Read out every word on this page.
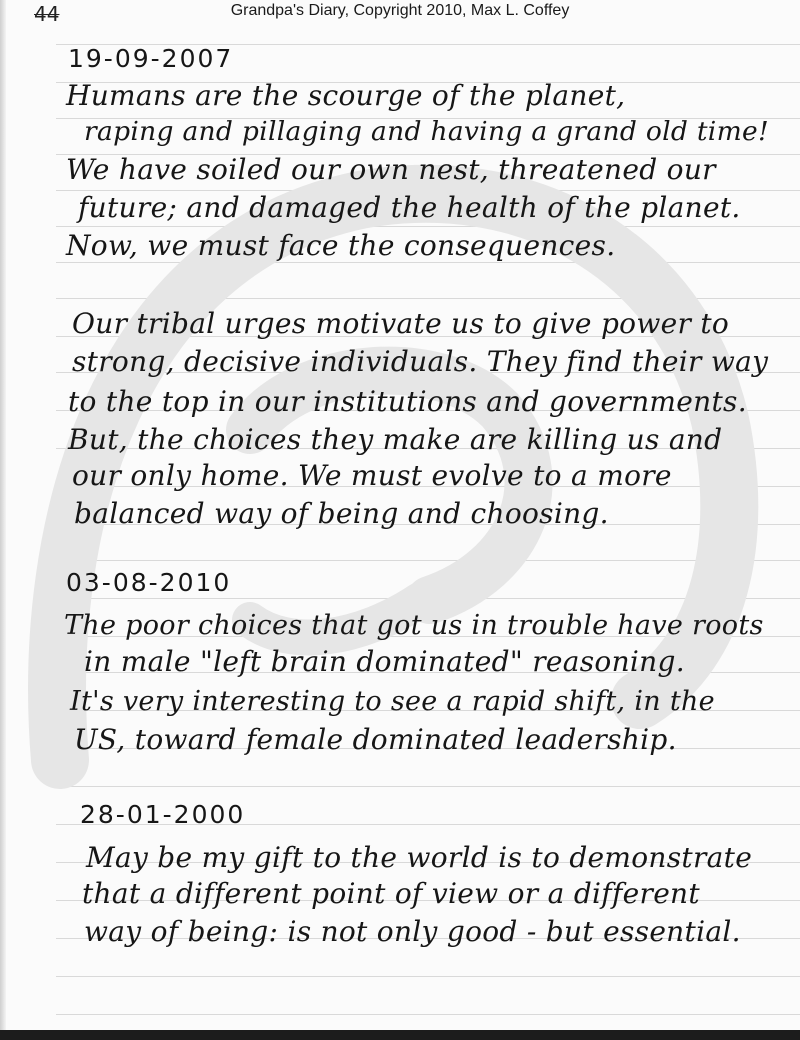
44	Grandpa's Diary, Copyright 2010, Max L. Coffey
19-09-2007
Humans are the scourge of the planet,
raping and pillaging and having a grand old time!
We have soiled our own nest, threatened our
future; and damaged the health of the planet.
Now, we must face the consequences.
Our tribal urges motivate us to give power to
strong, decisive individuals. They find their way
to the top in our institutions and governments.
But, the choices they make are killing us and
our only home. We must evolve to a more
balanced way of being and choosing.
03-08-2010
The poor choices that got us in trouble have roots
in male "left brain dominated" reasoning.
It's very interesting to see a rapid shift, in the
US, toward female dominated leadership.
28-01-2000
May be my gift to the world is to demonstrate
that a different point of view or a different
way of being: is not only good - but essential.
